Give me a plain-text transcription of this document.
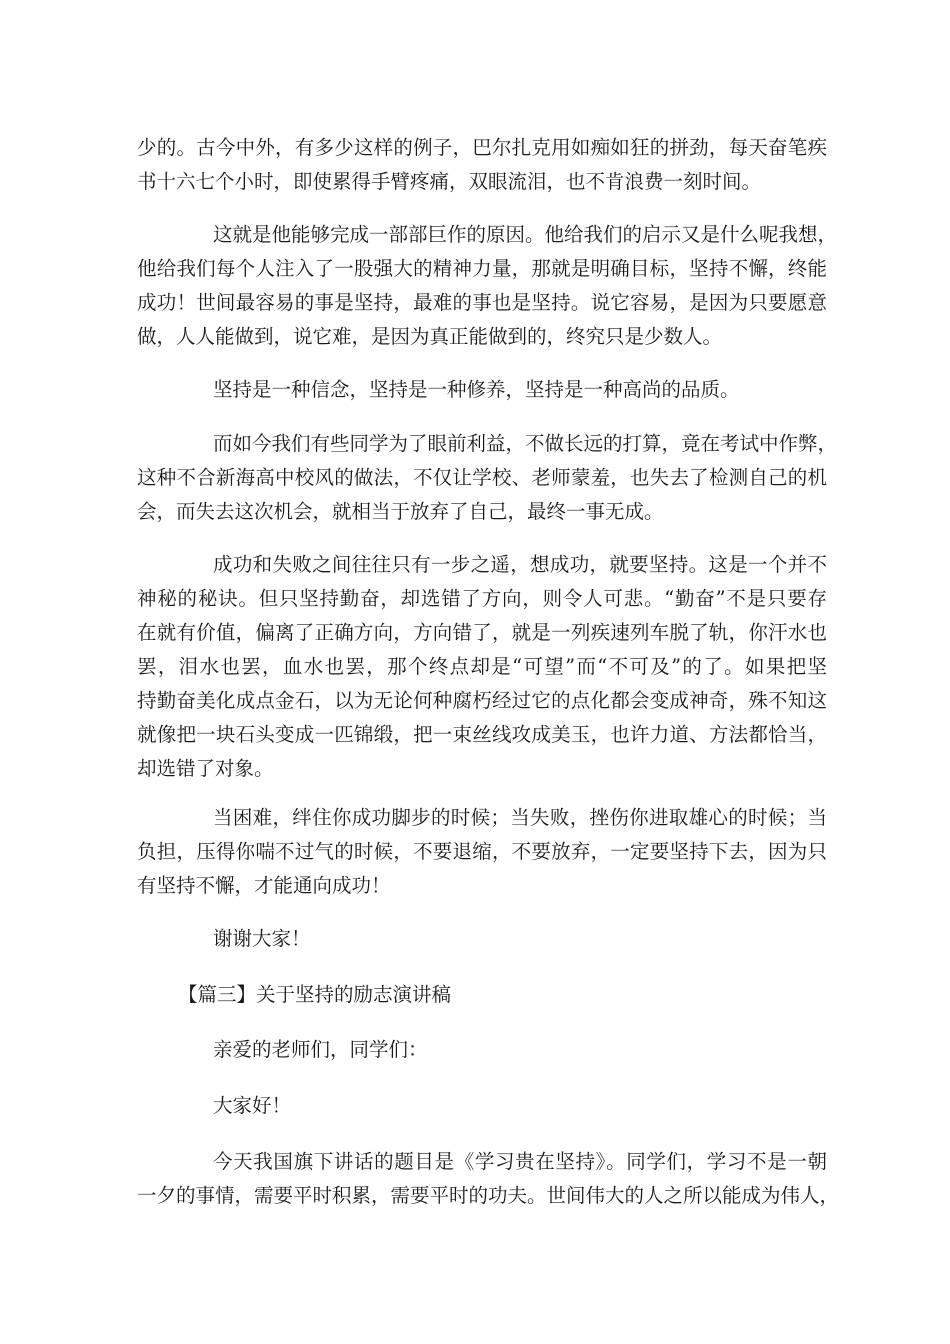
少的。古今中外，有多少这样的例子，巴尔扎克用如痴如狂的拼劲，每天奋笔疾
书十六七个小时，即使累得手臂疼痛，双眼流泪，也不肯浪费一刻时间。

这就是他能够完成一部部巨作的原因。他给我们的启示又是什么呢我想，
他给我们每个人注入了一股强大的精神力量，那就是明确目标，坚持不懈，终能
成功！世间最容易的事是坚持，最难的事也是坚持。说它容易，是因为只要愿意
做，人人能做到，说它难，是因为真正能做到的，终究只是少数人。

坚持是一种信念，坚持是一种修养，坚持是一种高尚的品质。

而如今我们有些同学为了眼前利益，不做长远的打算，竟在考试中作弊，
这种不合新海高中校风的做法，不仅让学校、老师蒙羞，也失去了检测自己的机
会，而失去这次机会，就相当于放弃了自己，最终一事无成。

成功和失败之间往往只有一步之遥，想成功，就要坚持。这是一个并不
神秘的秘诀。但只坚持勤奋，却选错了方向，则令人可悲。“勤奋”不是只要存
在就有价值，偏离了正确方向，方向错了，就是一列疾速列车脱了轨，你汗水也
罢，泪水也罢，血水也罢，那个终点却是“可望”而“不可及”的了。如果把坚
持勤奋美化成点金石，以为无论何种腐朽经过它的点化都会变成神奇，殊不知这
就像把一块石头变成一匹锦缎，把一束丝线攻成美玉，也许力道、方法都恰当，
却选错了对象。

当困难，绊住你成功脚步的时候；当失败，挫伤你进取雄心的时候；当
负担，压得你喘不过气的时候，不要退缩，不要放弃，一定要坚持下去，因为只
有坚持不懈，才能通向成功！

谢谢大家！

【篇三】关于坚持的励志演讲稿

亲爱的老师们，同学们：

大家好！

今天我国旗下讲话的题目是《学习贵在坚持》。同学们，学习不是一朝
一夕的事情，需要平时积累，需要平时的功夫。世间伟大的人之所以能成为伟人，
